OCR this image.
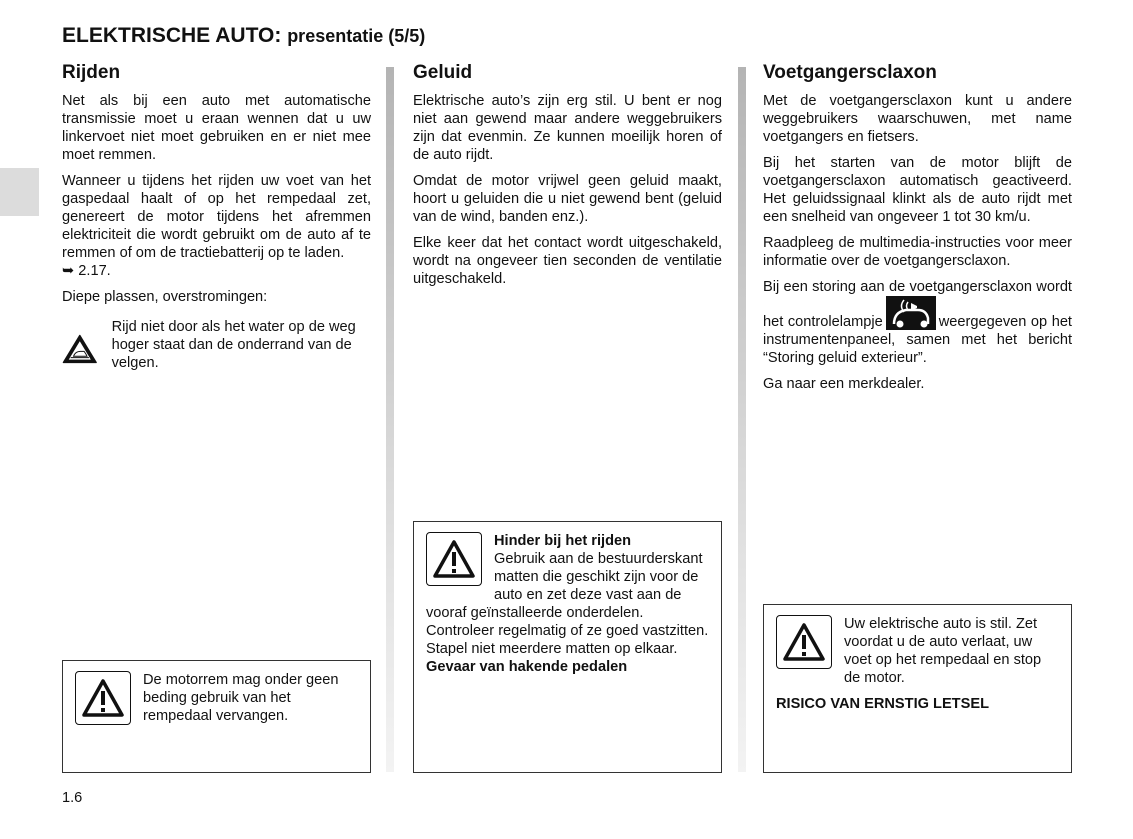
ELEKTRISCHE AUTO: presentatie (5/5)
Rijden

Net als bij een auto met automatische transmissie moet u eraan wennen dat u uw linkervoet niet moet gebruiken en er niet mee moet remmen.

Wanneer u tijdens het rijden uw voet van het gaspedaal haalt of op het rempedaal zet, genereert de motor tijdens het afremmen elektriciteit die wordt gebruikt om de auto af te remmen of om de tractiebatterij op te laden.
➥ 2.17.

Diepe plassen, overstromingen:

Rijd niet door als het water op de weg hoger staat dan de onderrand van de velgen.

De motorrem mag onder geen beding gebruik van het rempedaal vervangen.
Geluid

Elektrische auto’s zijn erg stil. U bent er nog niet aan gewend maar andere weggebruikers zijn dat evenmin. Ze kunnen moeilijk horen of de auto rijdt.

Omdat de motor vrijwel geen geluid maakt, hoort u geluiden die u niet gewend bent (geluid van de wind, banden enz.).

Elke keer dat het contact wordt uitgeschakeld, wordt na ongeveer tien seconden de ventilatie uitgeschakeld.

Hinder bij het rijden
Gebruik aan de bestuurderskant matten die geschikt zijn voor de auto en zet deze vast aan de vooraf geïnstalleerde onderdelen. Controleer regelmatig of ze goed vastzitten. Stapel niet meerdere matten op elkaar.
Gevaar van hakende pedalen
Voetgangersclaxon

Met de voetgangersclaxon kunt u andere weggebruikers waarschuwen, met name voetgangers en fietsers.

Bij het starten van de motor blijft de voetgangersclaxon automatisch geactiveerd. Het geluidssignaal klinkt als de auto rijdt met een snelheid van ongeveer 1 tot 30 km/u.

Raadpleeg de multimedia-instructies voor meer informatie over de voetgangersclaxon.

Bij een storing aan de voetgangersclaxon wordt het controlelampje	weergegeven op het instrumentenpaneel, samen met het bericht “Storing geluid exterieur”.

Ga naar een merkdealer.

Uw elektrische auto is stil. Zet voordat u de auto verlaat, uw voet op het rempedaal en stop de motor.
RISICO VAN ERNSTIG LETSEL
1.6
